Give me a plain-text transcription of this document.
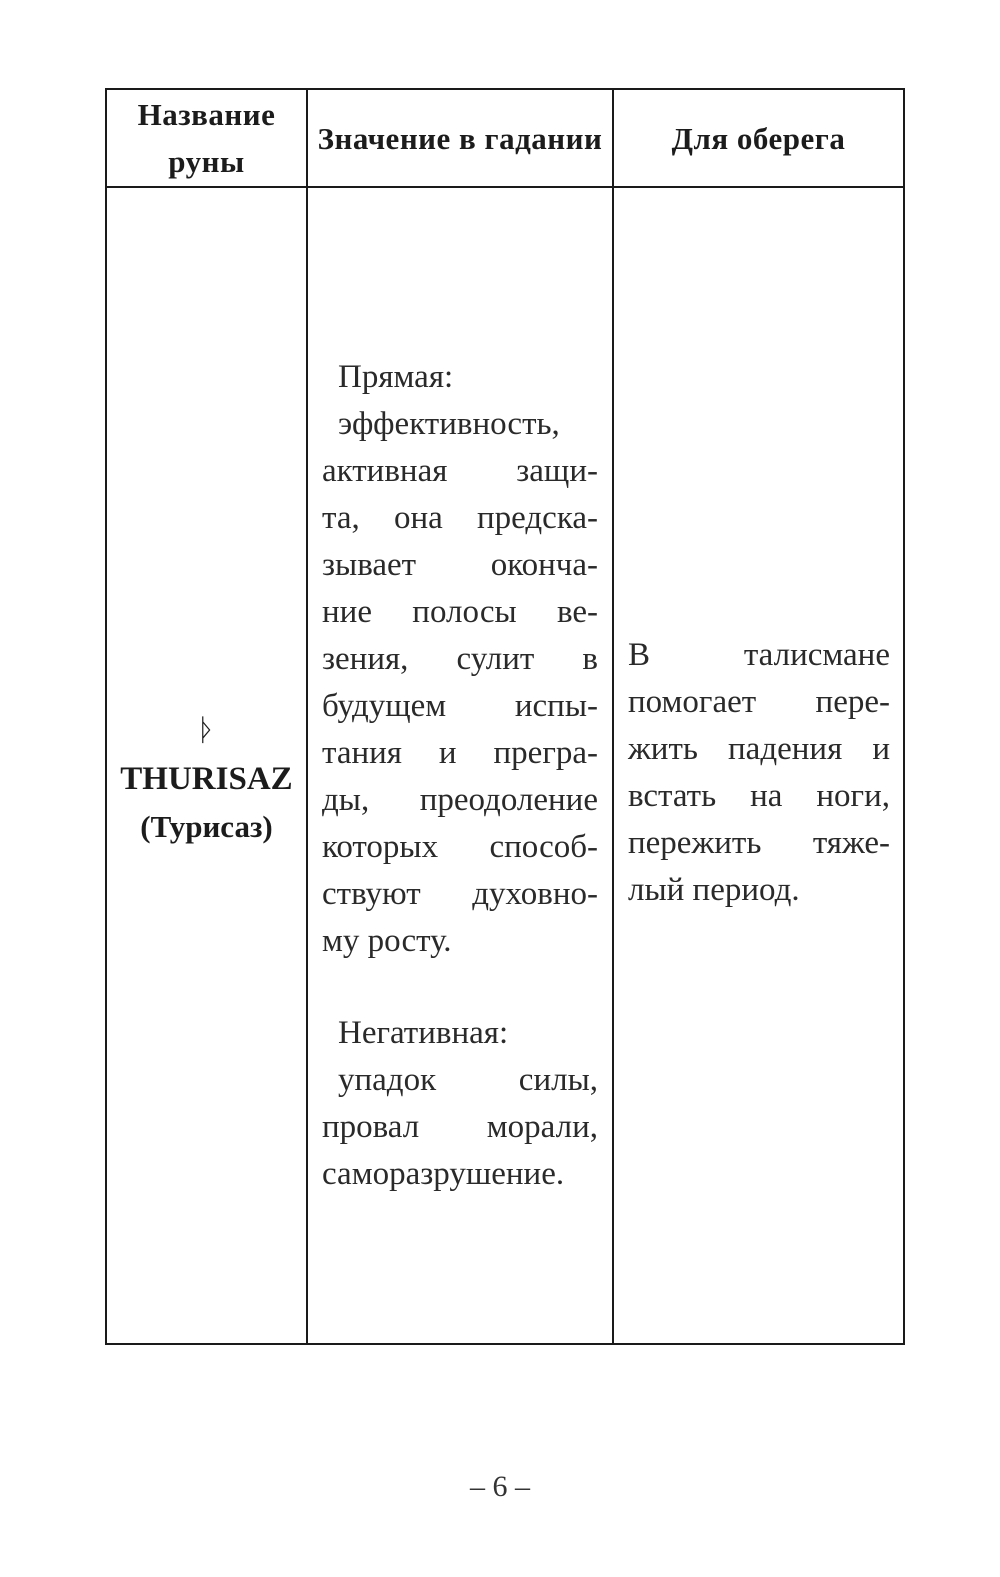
Название руны
Значение в гадании	Для оберега
ᚦ
THURISAZ
(Турисаз)
Прямая:
эффективность,
активная защи-
та, она предска-
зывает оконча-
ние полосы ве-
зения, сулит в
будущем испы-
тания и прегра-
ды, преодоление
которых способ-
ствуют духовно-
му росту.
Негативная:
упадок силы,
провал морали,
саморазрушение.
В талисмане
помогает пере-
жить падения и
встать на ноги,
пережить тяже-
лый период.
– 6 –
